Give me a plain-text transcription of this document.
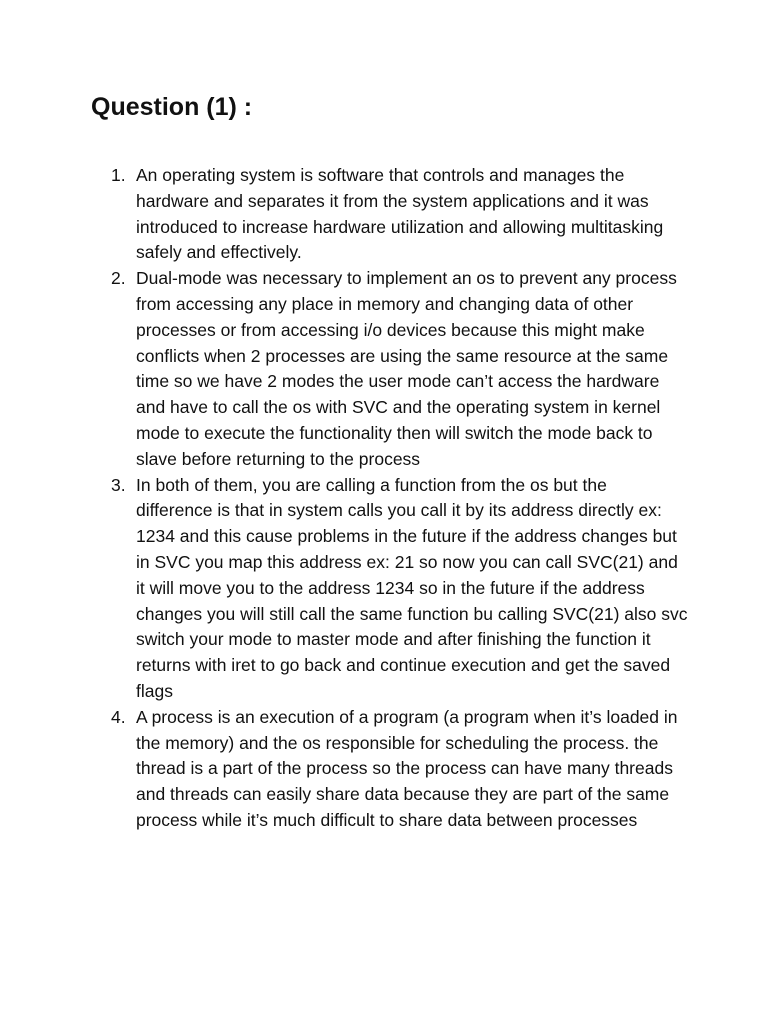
Question (1) :
1. An operating system is software that controls and manages the hardware and separates it from the system applications and it was introduced to increase hardware utilization and allowing multitasking safely and effectively.
2. Dual-mode was necessary to implement an os to prevent any process from accessing any place in memory and changing data of other processes or from accessing i/o devices because this might make conflicts when 2 processes are using the same resource at the same time so we have 2 modes the user mode can’t access the hardware and have to call the os with SVC and the operating system in kernel mode to execute the functionality then will switch the mode back to slave before returning to the process
3. In both of them, you are calling a function from the os but the difference is that in system calls you call it by its address directly ex: 1234 and this cause problems in the future if the address changes but in SVC you map this address ex: 21 so now you can call SVC(21) and it will move you to the address 1234 so in the future if the address changes you will still call the same function bu calling SVC(21) also svc switch your mode to master mode and after finishing the function it returns with iret to go back and continue execution and get the saved flags
4. A process is an execution of a program (a program when it’s loaded in the memory) and the os responsible for scheduling the process. the thread is a part of the process so the process can have many threads and threads can easily share data because they are part of the same process while it’s much difficult to share data between processes
